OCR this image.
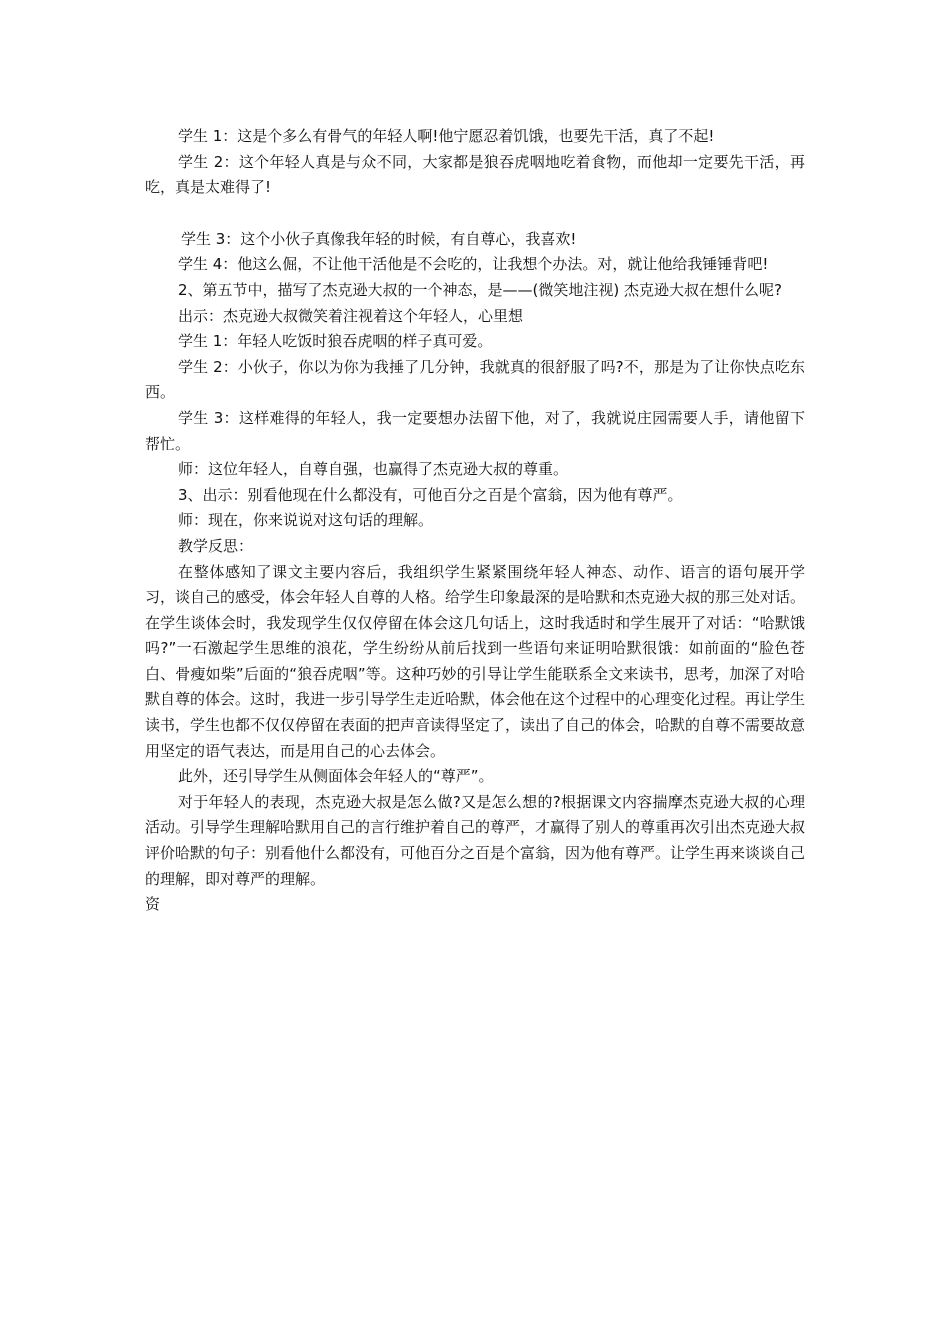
学生 1：这是个多么有骨气的年轻人啊!他宁愿忍着饥饿，也要先干活，真了不起!

学生 2：这个年轻人真是与众不同，大家都是狼吞虎咽地吃着食物，而他却一定要先干活，再吃，真是太难得了!

学生 3：这个小伙子真像我年轻的时候，有自尊心，我喜欢!

学生 4：他这么倔，不让他干活他是不会吃的，让我想个办法。对，就让他给我锤锤背吧!

2、第五节中，描写了杰克逊大叔的一个神态，是——(微笑地注视) 杰克逊大叔在想什么呢?

出示：杰克逊大叔微笑着注视着这个年轻人，心里想

学生 1：年轻人吃饭时狼吞虎咽的样子真可爱。

学生 2：小伙子，你以为你为我捶了几分钟，我就真的很舒服了吗?不，那是为了让你快点吃东西。

学生 3：这样难得的年轻人，我一定要想办法留下他，对了，我就说庄园需要人手，请他留下帮忙。

师：这位年轻人，自尊自强，也赢得了杰克逊大叔的尊重。

3、出示：别看他现在什么都没有，可他百分之百是个富翁，因为他有尊严。

师：现在，你来说说对这句话的理解。

教学反思：

在整体感知了课文主要内容后，我组织学生紧紧围绕年轻人神态、动作、语言的语句展开学习，谈自己的感受，体会年轻人自尊的人格。给学生印象最深的是哈默和杰克逊大叔的那三处对话。在学生谈体会时，我发现学生仅仅停留在体会这几句话上，这时我适时和学生展开了对话：“哈默饿吗?”一石激起学生思维的浪花，学生纷纷从前后找到一些语句来证明哈默很饿：如前面的“脸色苍白、骨瘦如柴”后面的“狼吞虎咽”等。这种巧妙的引导让学生能联系全文来读书，思考，加深了对哈默自尊的体会。这时，我进一步引导学生走近哈默，体会他在这个过程中的心理变化过程。再让学生读书，学生也都不仅仅停留在表面的把声音读得坚定了，读出了自己的体会，哈默的自尊不需要故意用坚定的语气表达，而是用自己的心去体会。

此外，还引导学生从侧面体会年轻人的“尊严”。

对于年轻人的表现，杰克逊大叔是怎么做?又是怎么想的?根据课文内容揣摩杰克逊大叔的心理活动。引导学生理解哈默用自己的言行维护着自己的尊严，才赢得了别人的尊重再次引出杰克逊大叔评价哈默的句子：别看他什么都没有，可他百分之百是个富翁，因为他有尊严。让学生再来谈谈自己的理解，即对尊严的理解。

资
